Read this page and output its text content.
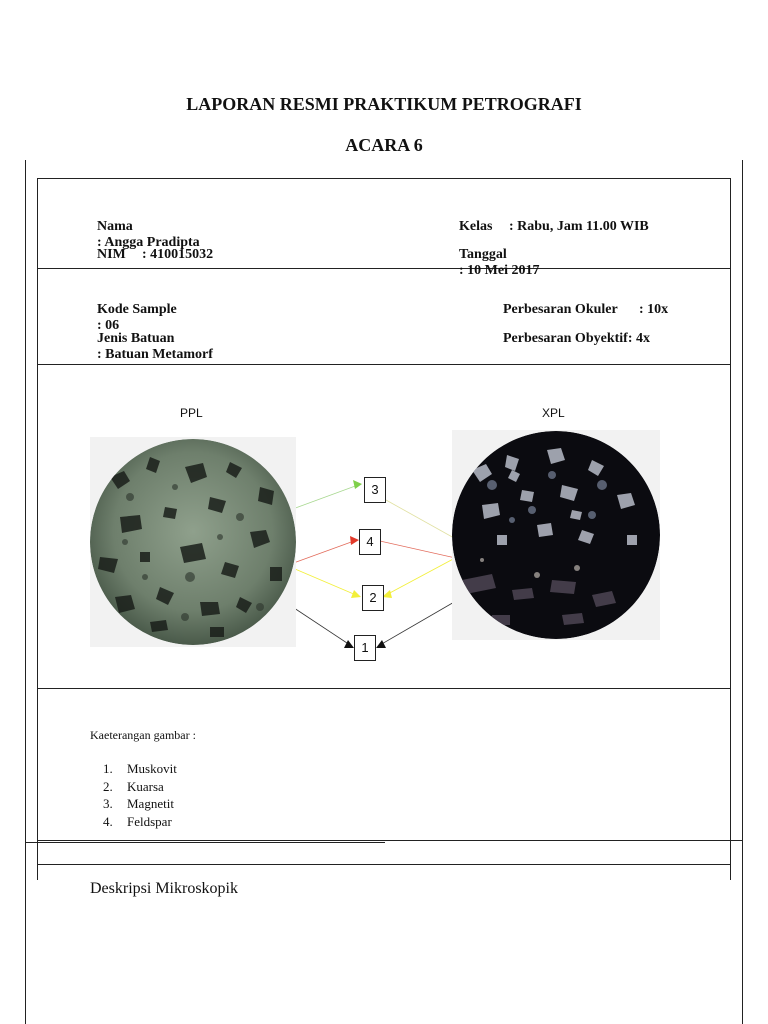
LAPORAN RESMI PRAKTIKUM PETROGRAFI
ACARA 6

Nama
: Angga Pradipta

NIM : 410015032

Kelas : Rabu, Jam 11.00 WIB

Tanggal
: 10 Mei 2017

Kode Sample
: 06

Jenis Batuan
: Batuan Metamorf

Perbesaran Okuler : 10x

Perbesaran Obyektif: 4x

PPL	XPL
3
4
2
1
Kaeterangan gambar :
1. Muskovit
2. Kuarsa
3. Magnetit
4. Feldspar
Deskripsi Mikroskopik
